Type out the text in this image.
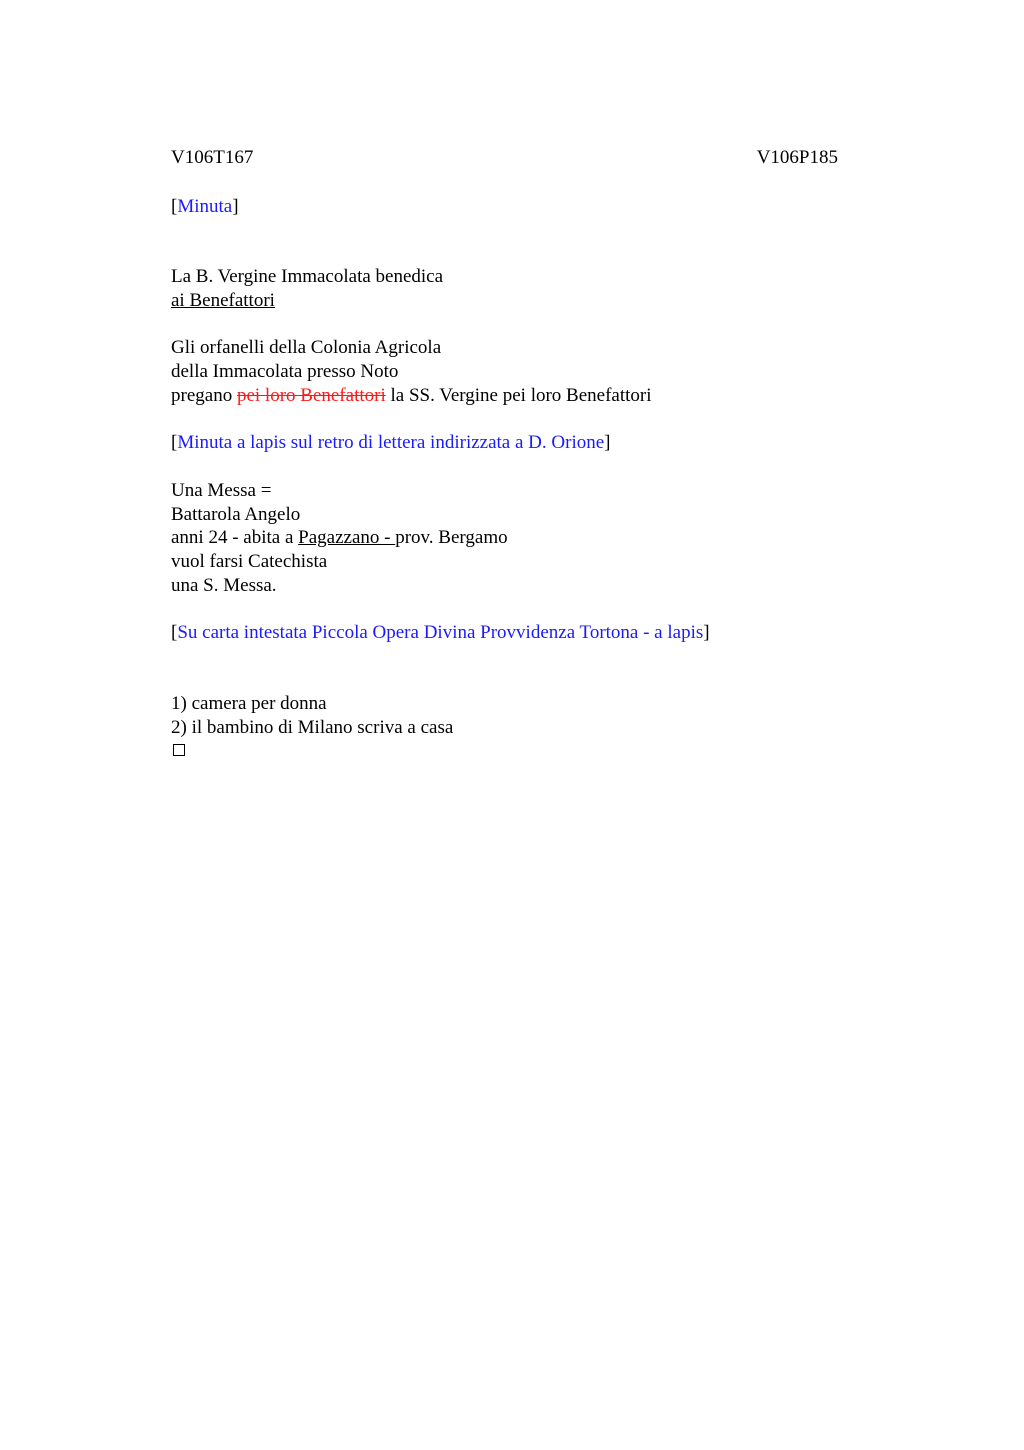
V106T167	V106P185
[Minuta]
La B. Vergine Immacolata benedica
ai Benefattori
Gli orfanelli della Colonia Agricola
della Immacolata presso Noto
pregano pei loro Benefattori la SS. Vergine pei loro Benefattori
[Minuta a lapis sul retro di lettera indirizzata a D. Orione]
Una Messa =
Battarola Angelo
anni 24 - abita a Pagazzano - prov. Bergamo
vuol farsi Catechista
una S. Messa.
[Su carta intestata Piccola Opera Divina Provvidenza Tortona - a lapis]
1) camera per donna
2) il bambino di Milano scriva a casa
